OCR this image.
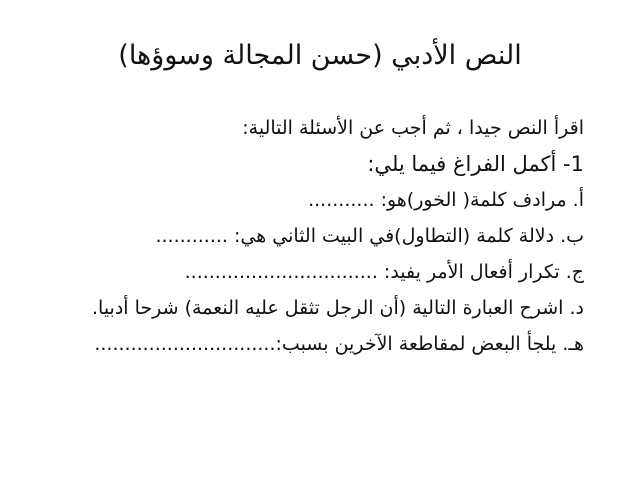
النص الأدبي (حسن المجالة وسوؤها)
اقرأ النص جيدا ، ثم أجب عن الأسئلة التالية:
1- أكمل الفراغ فيما يلي:
أ. مرادف كلمة( الخور)هو: ...........
ب. دلالة كلمة (التطاول)في البيت الثاني هي: ............
ج. تكرار أفعال الأمر يفيد: ................................
د. اشرح العبارة التالية (أن الرجل تثقل عليه النعمة) شرحا أدبيا.
هـ. يلجأ البعض لمقاطعة الآخرين بسبب:..............................
